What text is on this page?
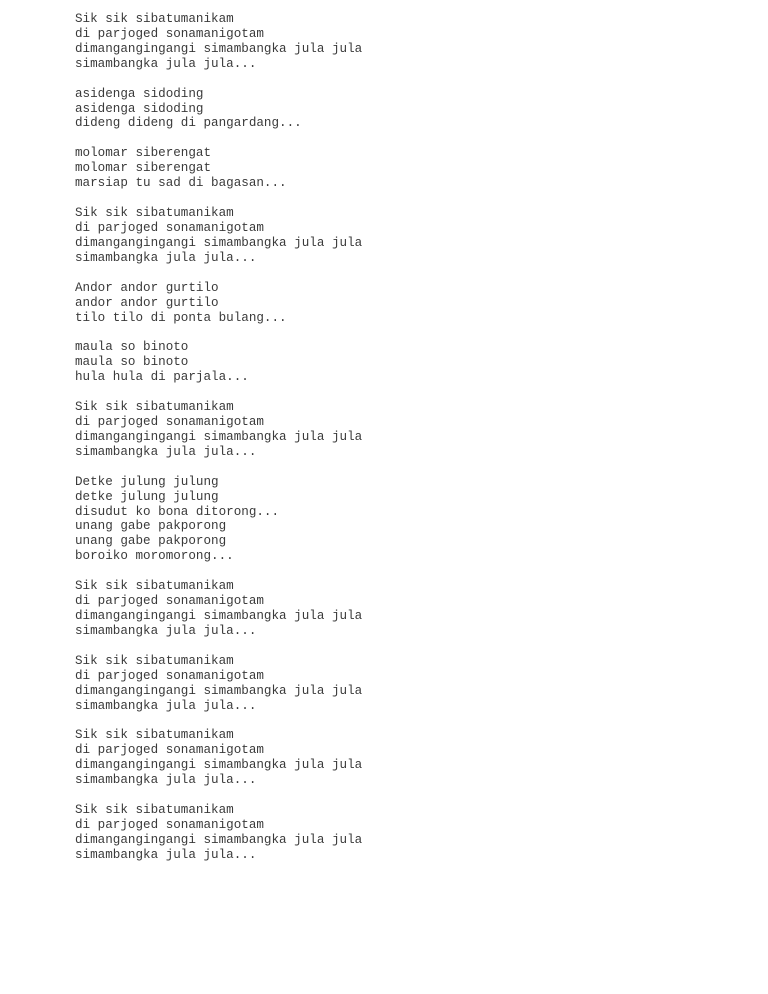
Sik sik sibatumanikam
di parjoged sonamanigotam
dimangangingangi simambangka jula jula
simambangka jula jula...
asidenga sidoding
asidenga sidoding
dideng dideng di pangardang...
molomar siberengat
molomar siberengat
marsiap tu sad di bagasan...
Sik sik sibatumanikam
di parjoged sonamanigotam
dimangangingangi simambangka jula jula
simambangka jula jula...
Andor andor gurtilo
andor andor gurtilo
tilo tilo di ponta bulang...
maula so binoto
maula so binoto
hula hula di parjala...
Sik sik sibatumanikam
di parjoged sonamanigotam
dimangangingangi simambangka jula jula
simambangka jula jula...
Detke julung julung
detke julung julung
disudut ko bona ditorong...
unang gabe pakporong
unang gabe pakporong
boroiko moromorong...
Sik sik sibatumanikam
di parjoged sonamanigotam
dimangangingangi simambangka jula jula
simambangka jula jula...
Sik sik sibatumanikam
di parjoged sonamanigotam
dimangangingangi simambangka jula jula
simambangka jula jula...
Sik sik sibatumanikam
di parjoged sonamanigotam
dimangangingangi simambangka jula jula
simambangka jula jula...
Sik sik sibatumanikam
di parjoged sonamanigotam
dimangangingangi simambangka jula jula
simambangka jula jula...
